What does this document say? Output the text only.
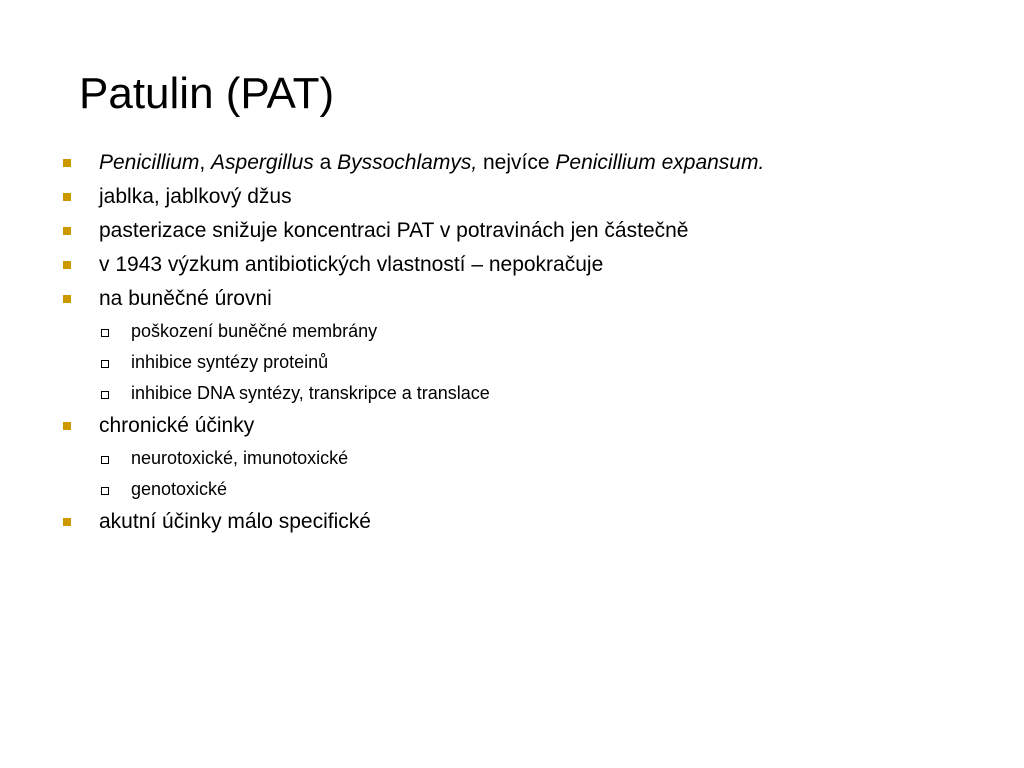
Patulin (PAT)
Penicillium, Aspergillus a Byssochlamys, nejvíce Penicillium expansum.
jablka, jablkový džus
pasterizace snižuje koncentraci PAT v potravinách jen částečně
v 1943 výzkum antibiotických vlastností – nepokračuje
na buněčné úrovni
poškození buněčné membrány
inhibice syntézy proteinů
inhibice DNA syntézy, transkripce a translace
chronické účinky
neurotoxické, imunotoxické
genotoxické
akutní účinky málo specifické
